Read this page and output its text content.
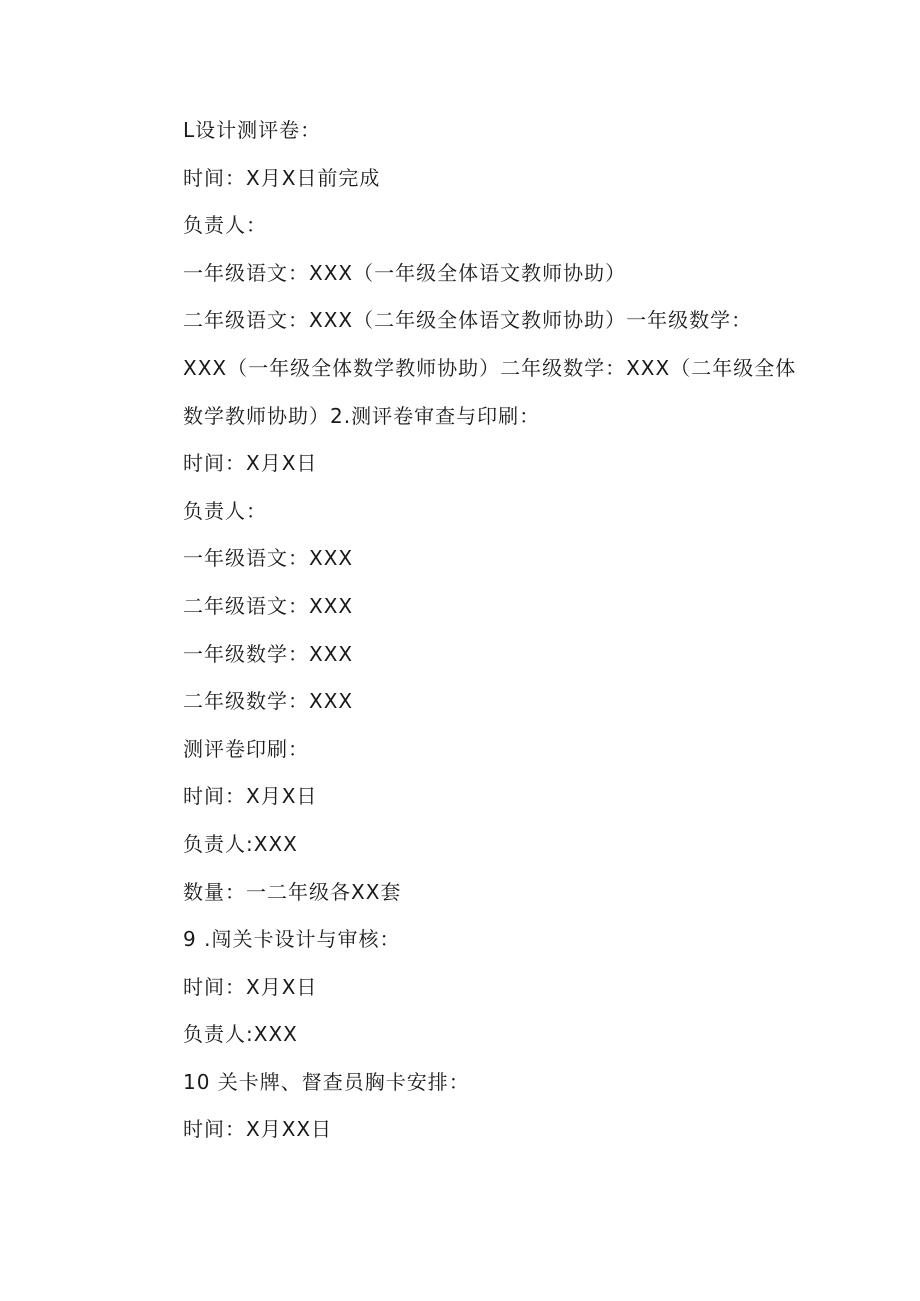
L设计测评卷：
时间：X月X日前完成
负责人：
一年级语文：XXX（一年级全体语文教师协助）
二年级语文：XXX（二年级全体语文教师协助）一年级数学：
XXX（一年级全体数学教师协助）二年级数学：XXX（二年级全体
数学教师协助）2.测评卷审查与印刷：
时间：X月X日
负责人：
一年级语文：XXX
二年级语文：XXX
一年级数学：XXX
二年级数学：XXX
测评卷印刷：
时间：X月X日
负责人:XXX
数量：一二年级各XX套
9 .闯关卡设计与审核：
时间：X月X日
负责人:XXX
10 关卡牌、督查员胸卡安排：
时间：X月XX日
